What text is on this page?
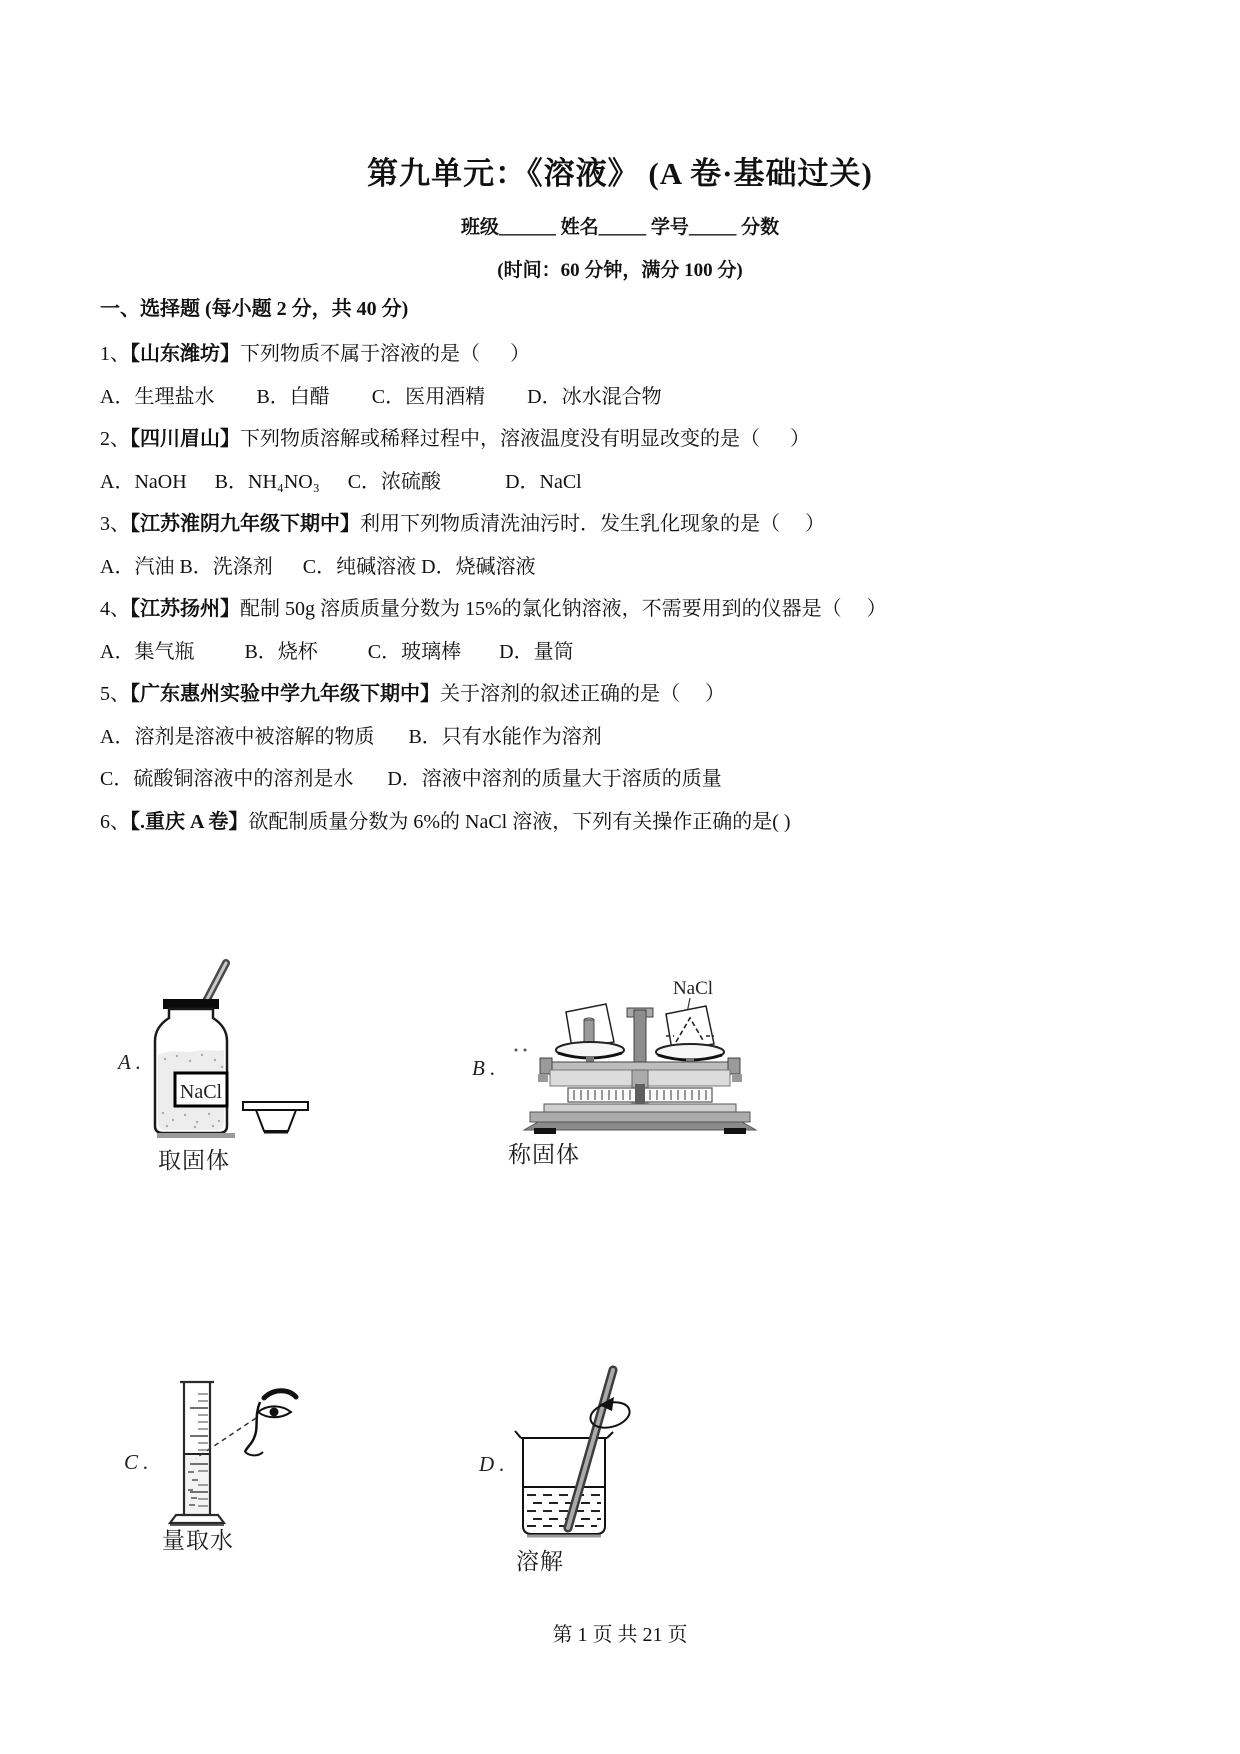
第九单元：《溶液》 (A 卷·基础过关)
班级______ 姓名_____ 学号_____ 分数
(时间：60 分钟，满分 100 分)
一、选择题 (每小题 2 分，共 40 分)
1、【山东潍坊】下列物质不属于溶液的是（      ）
A．生理盐水 B．白醋 C．医用酒精 D．冰水混合物
2、【四川眉山】下列物质溶解或稀释过程中，溶液温度没有明显改变的是（      ）
A．NaOH B．NH₄NO₃ C．浓硫酸	D．NaCl
3、【江苏淮阴九年级下期中】利用下列物质清洗油污时．发生乳化现象的是（     ）
A．汽油 B．洗涤剂 C．纯碱溶液 D．烧碱溶液
4、【江苏扬州】配制 50g 溶质质量分数为 15%的氯化钠溶液，不需要用到的仪器是（     ）
A．集气瓶	B．烧杯	C．玻璃棒 D．量筒
5、【广东惠州实验中学九年级下期中】关于溶剂的叙述正确的是（     ）
A．溶剂是溶液中被溶解的物质 B．只有水能作为溶剂
C．硫酸铜溶液中的溶剂是水 D．溶液中溶剂的质量大于溶质的质量
6、【.重庆 A 卷】欲配制质量分数为 6%的 NaCl 溶液，下列有关操作正确的是( )
A .
NaCl
取固体
B .
NaCl
称固体
C .
量取水
D .
溶解
第 1 页 共 21 页
